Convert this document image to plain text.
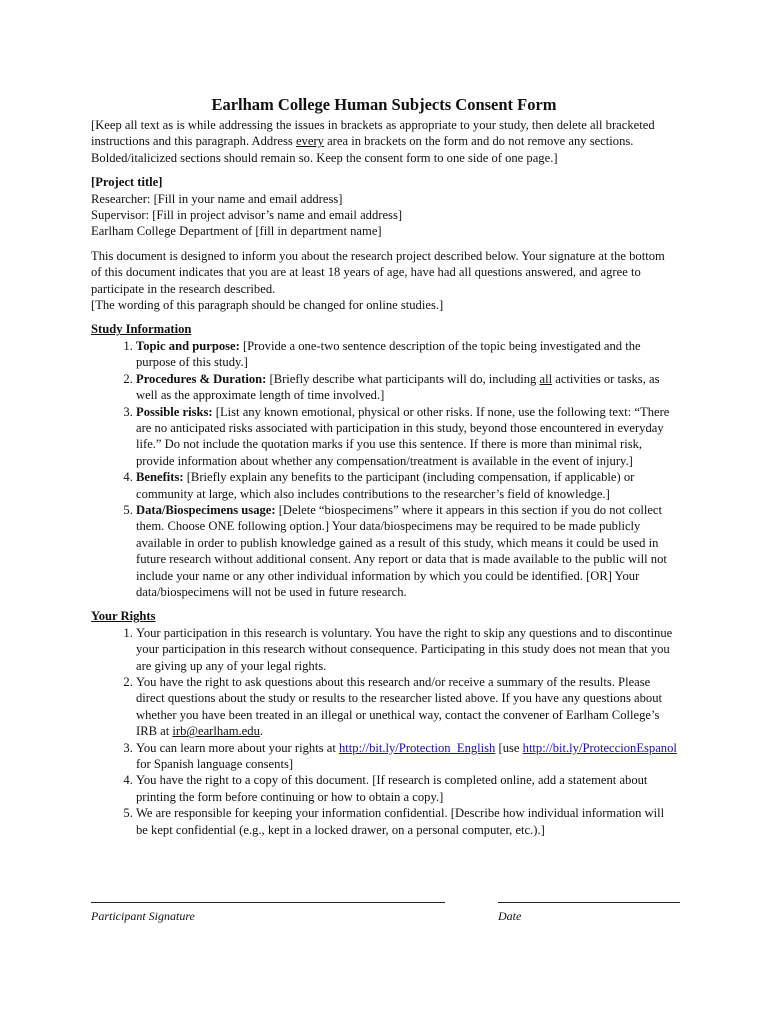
Earlham College Human Subjects Consent Form

[Keep all text as is while addressing the issues in brackets as appropriate to your study, then delete all bracketed instructions and this paragraph. Address every area in brackets on the form and do not remove any sections. Bolded/italicized sections should remain so. Keep the consent form to one side of one page.]

[Project title]

Researcher: [Fill in your name and email address]

Supervisor: [Fill in project advisor’s name and email address]

Earlham College Department of [fill in department name]

This document is designed to inform you about the research project described below. Your signature at the bottom of this document indicates that you are at least 18 years of age, have had all questions answered, and agree to participate in the research described.

[The wording of this paragraph should be changed for online studies.]

Study Information
1. Topic and purpose: [Provide a one-two sentence description of the topic being investigated and the purpose of this study.]
2. Procedures & Duration: [Briefly describe what participants will do, including all activities or tasks, as well as the approximate length of time involved.]
3. Possible risks: [List any known emotional, physical or other risks. If none, use the following text: “There are no anticipated risks associated with participation in this study, beyond those encountered in everyday life.” Do not include the quotation marks if you use this sentence. If there is more than minimal risk, provide information about whether any compensation/treatment is available in the event of injury.]
4. Benefits: [Briefly explain any benefits to the participant (including compensation, if applicable) or community at large, which also includes contributions to the researcher’s field of knowledge.]
5. Data/Biospecimens usage: [Delete “biospecimens” where it appears in this section if you do not collect them. Choose ONE following option.] Your data/biospecimens may be required to be made publicly available in order to publish knowledge gained as a result of this study, which means it could be used in future research without additional consent. Any report or data that is made available to the public will not include your name or any other individual information by which you could be identified. [OR] Your data/biospecimens will not be used in future research.
Your Rights
1. Your participation in this research is voluntary. You have the right to skip any questions and to discontinue your participation in this research without consequence. Participating in this study does not mean that you are giving up any of your legal rights.
2. You have the right to ask questions about this research and/or receive a summary of the results. Please direct questions about the study or results to the researcher listed above. If you have any questions about whether you have been treated in an illegal or unethical way, contact the convener of Earlham College’s IRB at irb@earlham.edu.
3. You can learn more about your rights at http://bit.ly/Protection_English [use http://bit.ly/ProteccionEspanol for Spanish language consents]
4. You have the right to a copy of this document. [If research is completed online, add a statement about printing the form before continuing or how to obtain a copy.]
5. We are responsible for keeping your information confidential. [Describe how individual information will be kept confidential (e.g., kept in a locked drawer, on a personal computer, etc.).]
Participant Signature	Date
